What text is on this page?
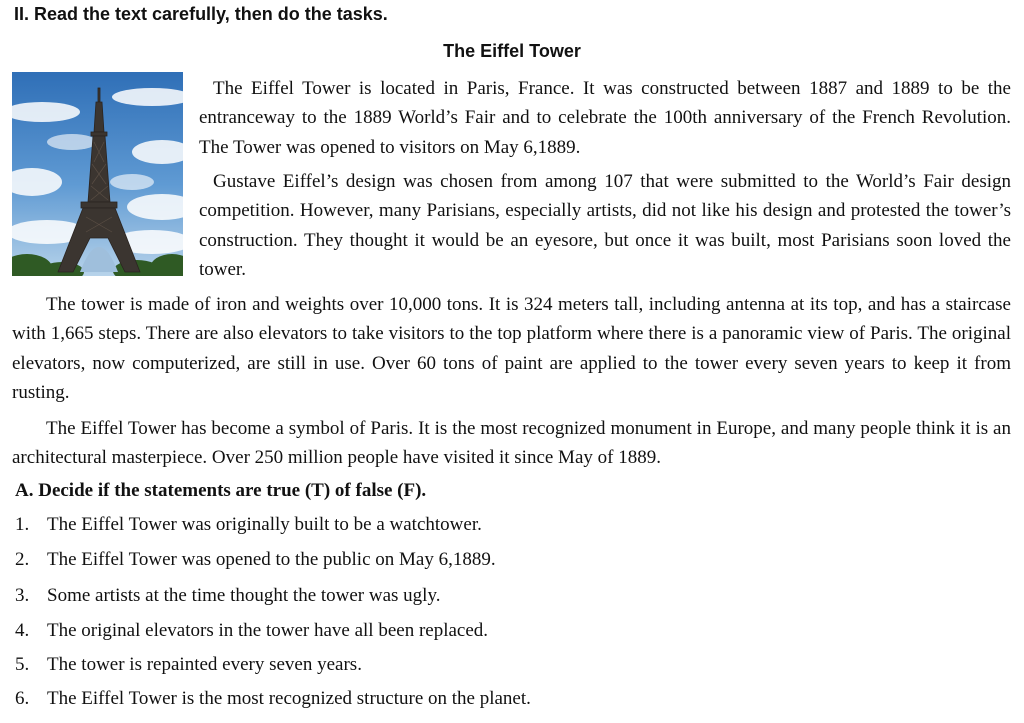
II. Read the text carefully, then do the tasks.
The Eiffel Tower
The Eiffel Tower is located in Paris, France. It was constructed between 1887 and 1889 to be the entranceway to the 1889 World’s Fair and to celebrate the 100th anniversary of the French Revolution. The Tower was opened to visitors on May 6,1889.
Gustave Eiffel’s design was chosen from among 107 that were submitted to the World’s Fair design competition. However, many Parisians, especially artists, did not like his design and protested the tower’s construction. They thought it would be an eyesore, but once it was built, most Parisians soon loved the tower.
The tower is made of iron and weights over 10,000 tons. It is 324 meters tall, including antenna at its top, and has a staircase with 1,665 steps. There are also elevators to take visitors to the top platform where there is a panoramic view of Paris. The original elevators, now computerized, are still in use. Over 60 tons of paint are applied to the tower every seven years to keep it from rusting.
The Eiffel Tower has become a symbol of Paris. It is the most recognized monument in Europe, and many people think it is an architectural masterpiece. Over 250 million people have visited it since May of 1889.
A. Decide if the statements are true (T) of false (F).
1. The Eiffel Tower was originally built to be a watchtower.
2. The Eiffel Tower was opened to the public on May 6,1889.
3. Some artists at the time thought the tower was ugly.
4. The original elevators in the tower have all been replaced.
5. The tower is repainted every seven years.
6. The Eiffel Tower is the most recognized structure on the planet.
